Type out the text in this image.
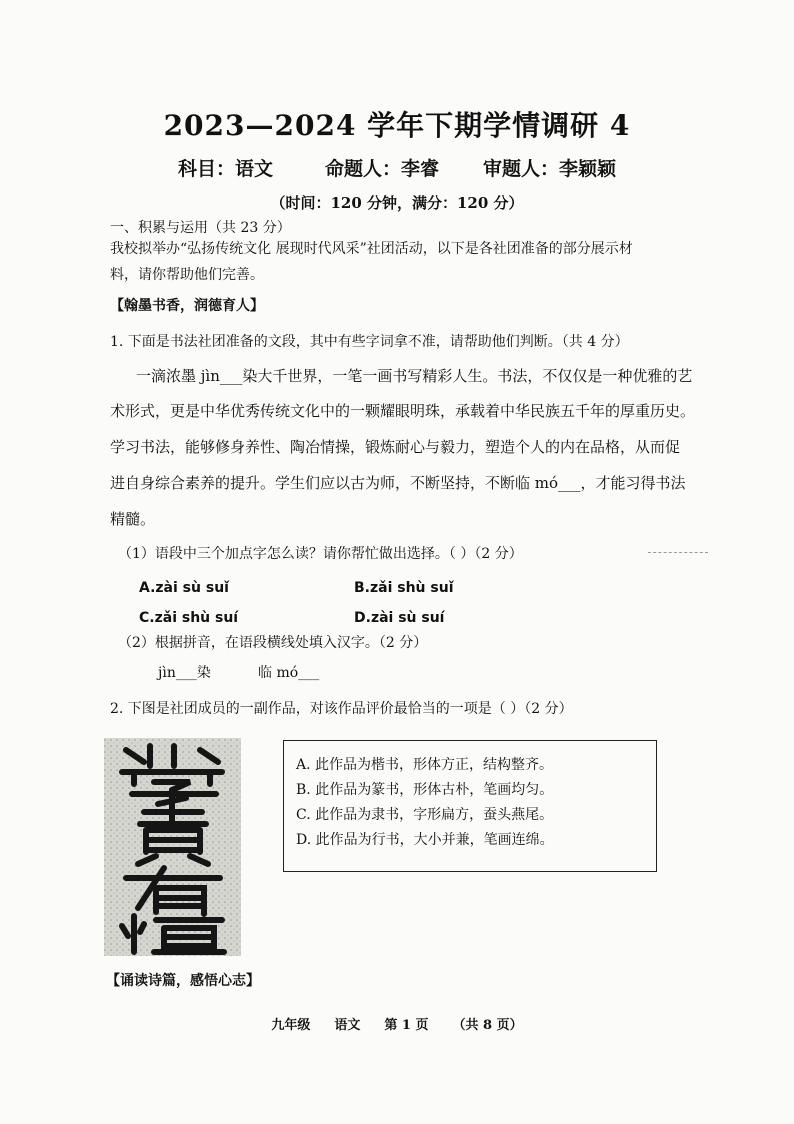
2023—2024 学年下期学情调研 4
科目：语文	命题人：李睿 审题人：李颖颖
（时间：120 分钟，满分：120 分）
一、积累与运用（共 23 分）
我校拟举办“弘扬传统文化 展现时代风采”社团活动，以下是各社团准备的部分展示材
料，请你帮助他们完善。
【翰墨书香，润德育人】
1. 下面是书法社团准备的文段，其中有些字词拿不准，请帮助他们判断。（共 4 分）
一滴浓墨 jìn___染大千世界，一笔一画书写精彩人生。书法，不仅仅是一种优雅的艺
术形式，更是中华优秀传统文化中的一颗耀眼明珠，承载着中华民族五千年的厚重历史。
学习书法，能够修身养性、陶冶情操，锻炼耐心与毅力，塑造个人的内在品格，从而促
进自身综合素养的提升。学生们应以古为师，不断坚持，不断临 mó___，才能习得书法
精髓。
（1）语段中三个加点字怎么读？请你帮忙做出选择。（ ）（2 分）
A.zài sù suǐ	B.zǎi shù suǐ
C.zǎi shù suí	D.zài sù suí
（2）根据拼音，在语段横线处填入汉字。（2 分）
jìn___染	临 mó___
2. 下图是社团成员的一副作品，对该作品评价最恰当的一项是（ ）（2 分）
A. 此作品为楷书，形体方正，结构整齐。
B. 此作品为篆书，形体古朴，笔画均匀。
C. 此作品为隶书，字形扁方，蚕头燕尾。
D. 此作品为行书，大小并兼，笔画连绵。
【诵读诗篇，感悟心志】
九年级 语文 第 1 页 （共 8 页）
